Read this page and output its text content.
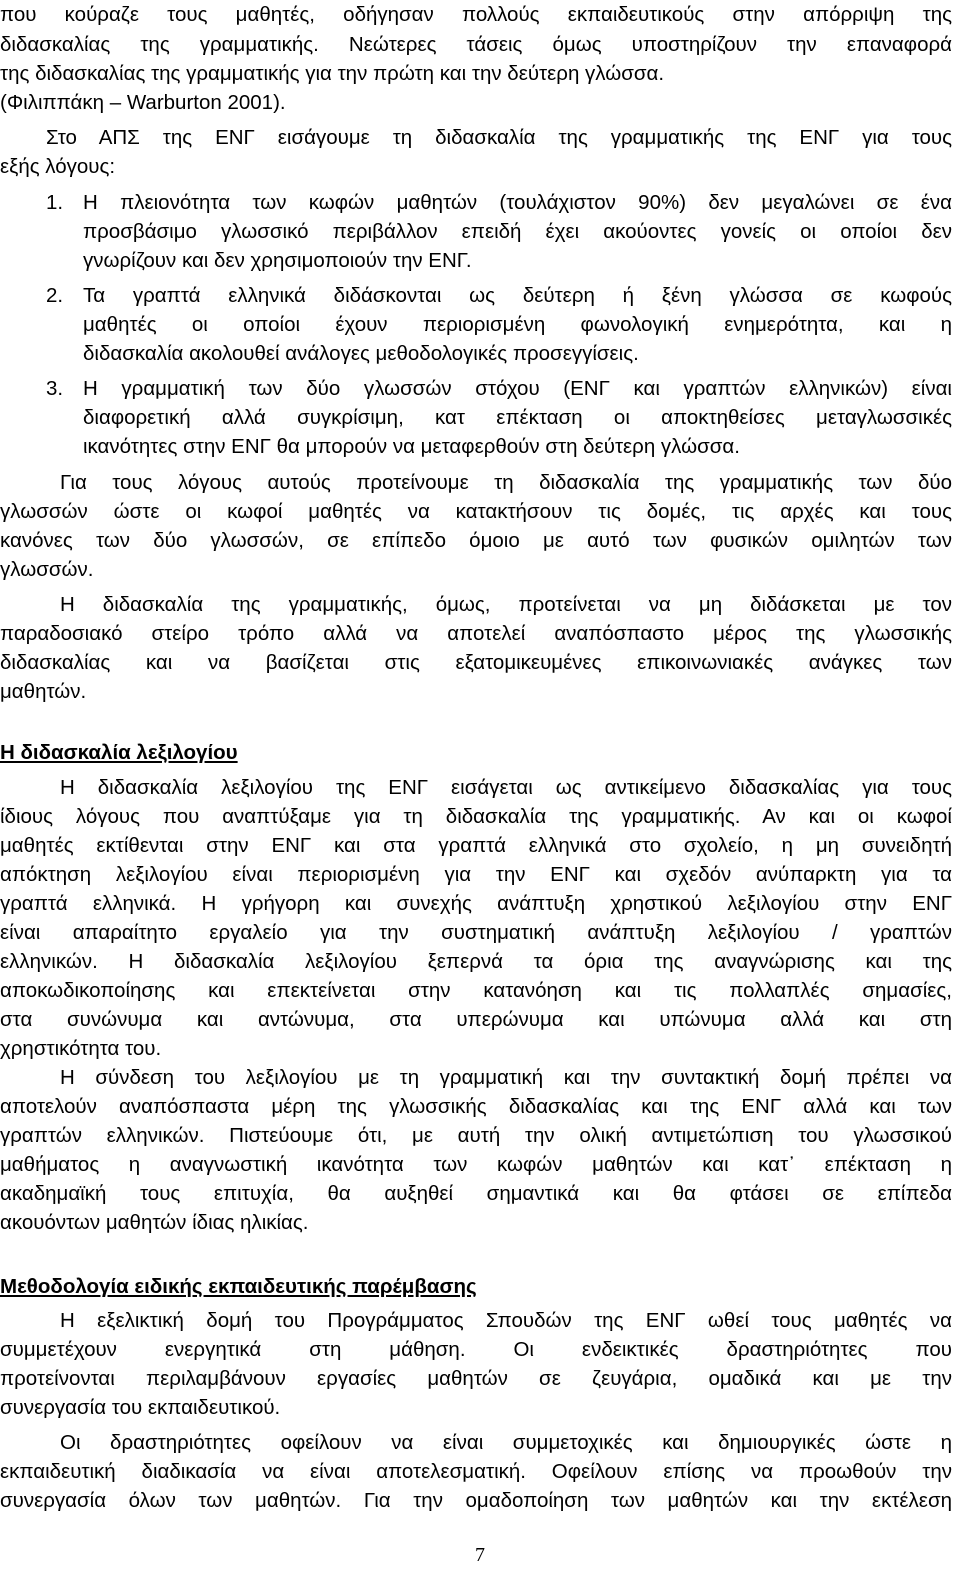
που κούραζε τους μαθητές, οδήγησαν πολλούς εκπαιδευτικούς στην απόρριψη της
διδασκαλίας της γραμματικής. Νεώτερες τάσεις όμως υποστηρίζουν την επαναφορά
της διδασκαλίας της γραμματικής για την πρώτη και την δεύτερη γλώσσα.
(Φιλιππάκη – Warburton 2001).
Στο ΑΠΣ της ΕΝΓ εισάγουμε τη διδασκαλία της γραμματικής της ΕΝΓ για τους
εξής λόγους:
1. Η πλειονότητα των κωφών μαθητών (τουλάχιστον 90%) δεν μεγαλώνει σε ένα
προσβάσιμο γλωσσικό περιβάλλον επειδή έχει ακούοντες γονείς οι οποίοι δεν
γνωρίζουν και δεν χρησιμοποιούν την ΕΝΓ.
2. Τα γραπτά ελληνικά διδάσκονται ως δεύτερη ή ξένη γλώσσα σε κωφούς
μαθητές οι οποίοι έχουν περιορισμένη φωνολογική ενημερότητα, και η
διδασκαλία ακολουθεί ανάλογες μεθοδολογικές προσεγγίσεις.
3. Η γραμματική των δύο γλωσσών στόχου (ΕΝΓ και γραπτών ελληνικών) είναι
διαφορετική αλλά συγκρίσιμη, κατ επέκταση οι αποκτηθείσες μεταγλωσσικές
ικανότητες στην ΕΝΓ θα μπορούν να μεταφερθούν στη δεύτερη γλώσσα.
Για τους λόγους αυτούς προτείνουμε τη διδασκαλία της γραμματικής των δύο
γλωσσών ώστε οι κωφοί μαθητές να κατακτήσουν τις δομές, τις αρχές και τους
κανόνες των δύο γλωσσών, σε επίπεδο όμοιο με αυτό των φυσικών ομιλητών των
γλωσσών.
Η διδασκαλία της γραμματικής, όμως, προτείνεται να μη διδάσκεται με τον
παραδοσιακό στείρο τρόπο αλλά να αποτελεί αναπόσπαστο μέρος της γλωσσικής
διδασκαλίας και να βασίζεται στις εξατομικευμένες επικοινωνιακές ανάγκες των
μαθητών.
Η διδασκαλία λεξιλογίου
Η διδασκαλία λεξιλογίου της ΕΝΓ εισάγεται ως αντικείμενο διδασκαλίας για τους
ίδιους λόγους που αναπτύξαμε για τη διδασκαλία της γραμματικής. Αν και οι κωφοί
μαθητές εκτίθενται στην ΕΝΓ και στα γραπτά ελληνικά στο σχολείο, η μη συνειδητή
απόκτηση λεξιλογίου είναι περιορισμένη για την ΕΝΓ και σχεδόν ανύπαρκτη για τα
γραπτά ελληνικά. Η γρήγορη και συνεχής ανάπτυξη χρηστικού λεξιλογίου στην ΕΝΓ
είναι απαραίτητο εργαλείο για την συστηματική ανάπτυξη λεξιλογίου / γραπτών
ελληνικών. Η διδασκαλία λεξιλογίου ξεπερνά τα όρια της αναγνώρισης και της
αποκωδικοποίησης και επεκτείνεται στην κατανόηση και τις πολλαπλές σημασίες,
στα συνώνυμα και αντώνυμα, στα υπερώνυμα και υπώνυμα αλλά και στη
χρηστικότητα του.
Η σύνδεση του λεξιλογίου με τη γραμματική και την συντακτική δομή πρέπει να
αποτελούν αναπόσπαστα μέρη της γλωσσικής διδασκαλίας και της ΕΝΓ αλλά και των
γραπτών ελληνικών. Πιστεύουμε ότι, με αυτή την ολική αντιμετώπιση του γλωσσικού
μαθήματος η αναγνωστική ικανότητα των κωφών μαθητών και κατ᾽ επέκταση η
ακαδημαϊκή τους επιτυχία, θα αυξηθεί σημαντικά και θα φτάσει σε επίπεδα
ακουόντων μαθητών ίδιας ηλικίας.
Μεθοδολογία ειδικής εκπαιδευτικής παρέμβασης
Η εξελικτική δομή του Προγράμματος Σπουδών της ΕΝΓ ωθεί τους μαθητές να
συμμετέχουν ενεργητικά στη μάθηση. Οι ενδεικτικές δραστηριότητες που
προτείνονται περιλαμβάνουν εργασίες μαθητών σε ζευγάρια, ομαδικά και με την
συνεργασία του εκπαιδευτικού.
Οι δραστηριότητες οφείλουν να είναι συμμετοχικές και δημιουργικές ώστε η
εκπαιδευτική διαδικασία να είναι αποτελεσματική. Οφείλουν επίσης να προωθούν την
συνεργασία όλων των μαθητών. Για την ομαδοποίηση των μαθητών και την εκτέλεση
7
